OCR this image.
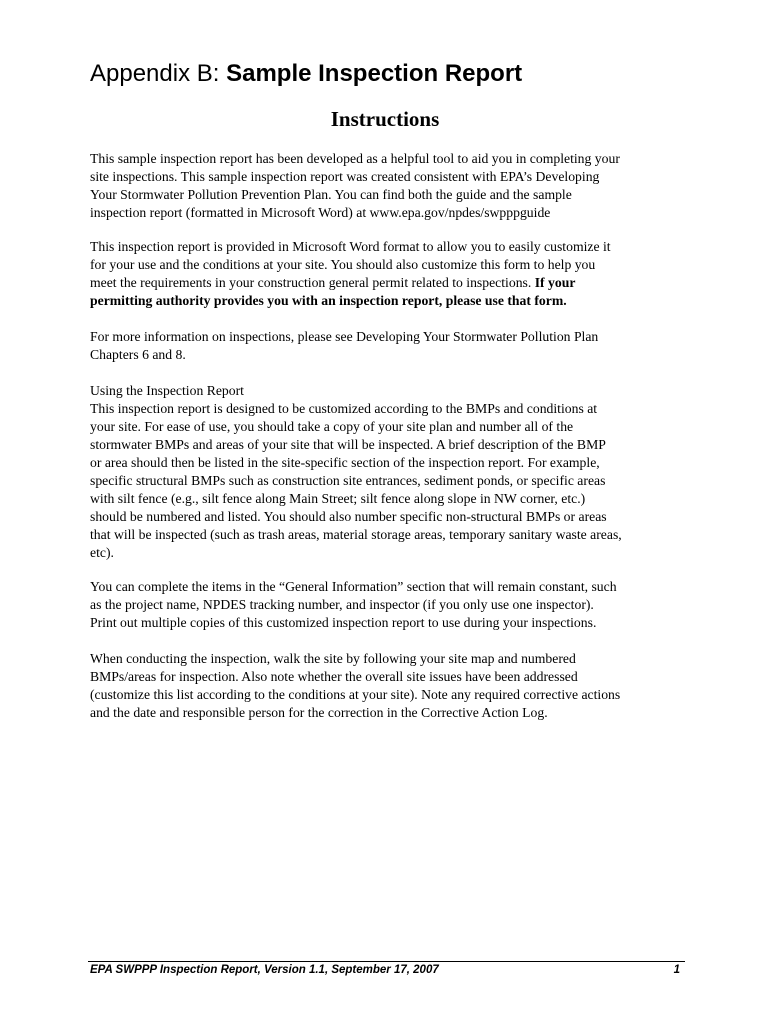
Appendix B: Sample Inspection Report
Instructions
This sample inspection report has been developed as a helpful tool to aid you in completing your
site inspections. This sample inspection report was created consistent with EPA’s Developing
Your Stormwater Pollution Prevention Plan. You can find both the guide and the sample
inspection report (formatted in Microsoft Word) at www.epa.gov/npdes/swpppguide
This inspection report is provided in Microsoft Word format to allow you to easily customize it
for your use and the conditions at your site. You should also customize this form to help you
meet the requirements in your construction general permit related to inspections. If your
permitting authority provides you with an inspection report, please use that form.
For more information on inspections, please see Developing Your Stormwater Pollution Plan
Chapters 6 and 8.
Using the Inspection Report
This inspection report is designed to be customized according to the BMPs and conditions at
your site. For ease of use, you should take a copy of your site plan and number all of the
stormwater BMPs and areas of your site that will be inspected. A brief description of the BMP
or area should then be listed in the site-specific section of the inspection report. For example,
specific structural BMPs such as construction site entrances, sediment ponds, or specific areas
with silt fence (e.g., silt fence along Main Street; silt fence along slope in NW corner, etc.)
should be numbered and listed. You should also number specific non-structural BMPs or areas
that will be inspected (such as trash areas, material storage areas, temporary sanitary waste areas,
etc).
You can complete the items in the “General Information” section that will remain constant, such
as the project name, NPDES tracking number, and inspector (if you only use one inspector).
Print out multiple copies of this customized inspection report to use during your inspections.
When conducting the inspection, walk the site by following your site map and numbered
BMPs/areas for inspection. Also note whether the overall site issues have been addressed
(customize this list according to the conditions at your site). Note any required corrective actions
and the date and responsible person for the correction in the Corrective Action Log.
EPA SWPPP Inspection Report, Version 1.1, September 17, 2007	1
